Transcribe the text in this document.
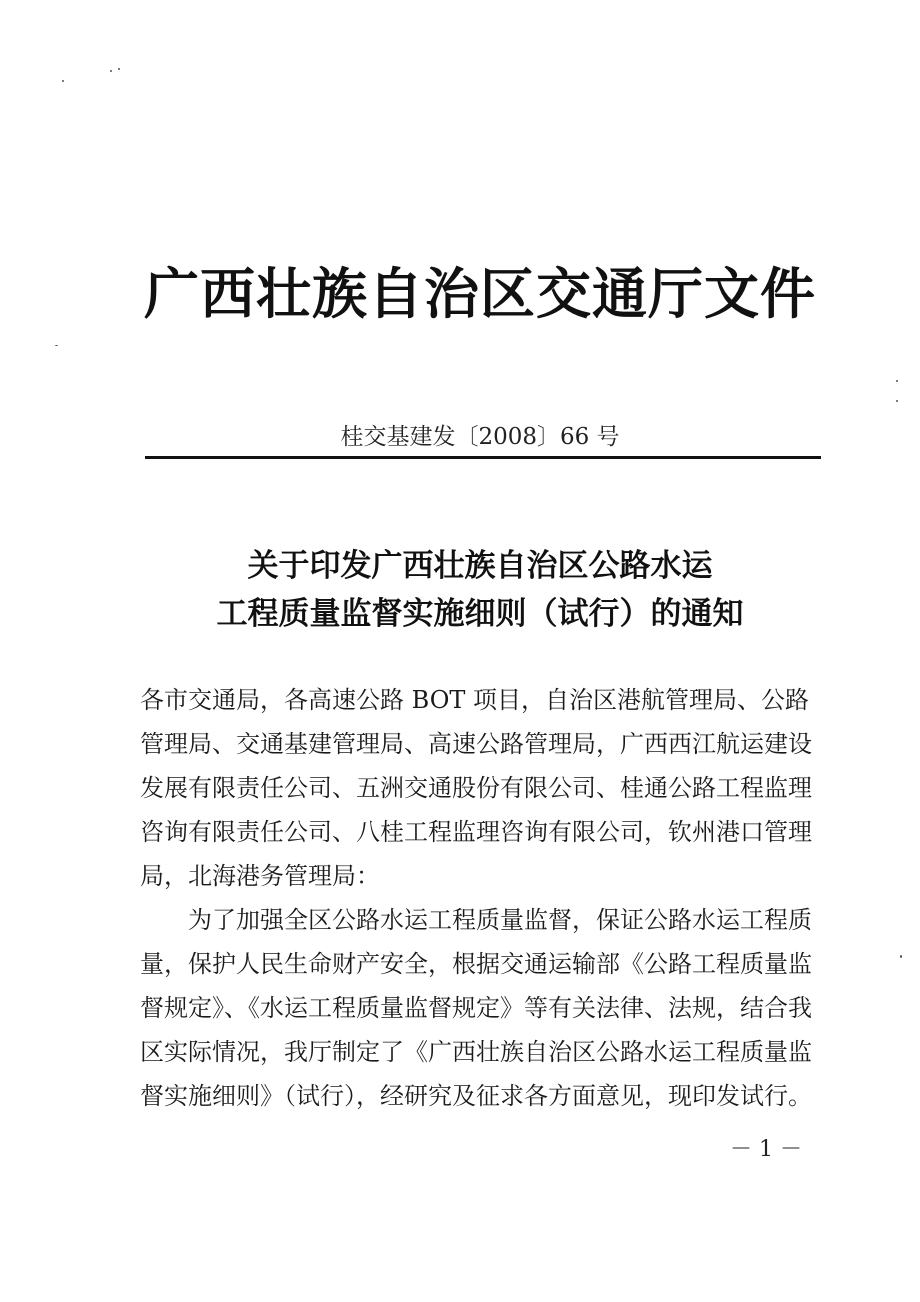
广西壮族自治区交通厅文件
桂交基建发〔2008〕66 号
关于印发广西壮族自治区公路水运
工程质量监督实施细则（试行）的通知
各市交通局，各高速公路 BOT 项目，自治区港航管理局、公路
管理局、交通基建管理局、高速公路管理局，广西西江航运建设
发展有限责任公司、五洲交通股份有限公司、桂通公路工程监理
咨询有限责任公司、八桂工程监理咨询有限公司，钦州港口管理
局，北海港务管理局：
为了加强全区公路水运工程质量监督，保证公路水运工程质
量，保护人民生命财产安全，根据交通运输部《公路工程质量监
督规定》、《水运工程质量监督规定》等有关法律、法规，结合我
区实际情况，我厅制定了《广西壮族自治区公路水运工程质量监
督实施细则》（试行），经研究及征求各方面意见，现印发试行。
－ 1 －
